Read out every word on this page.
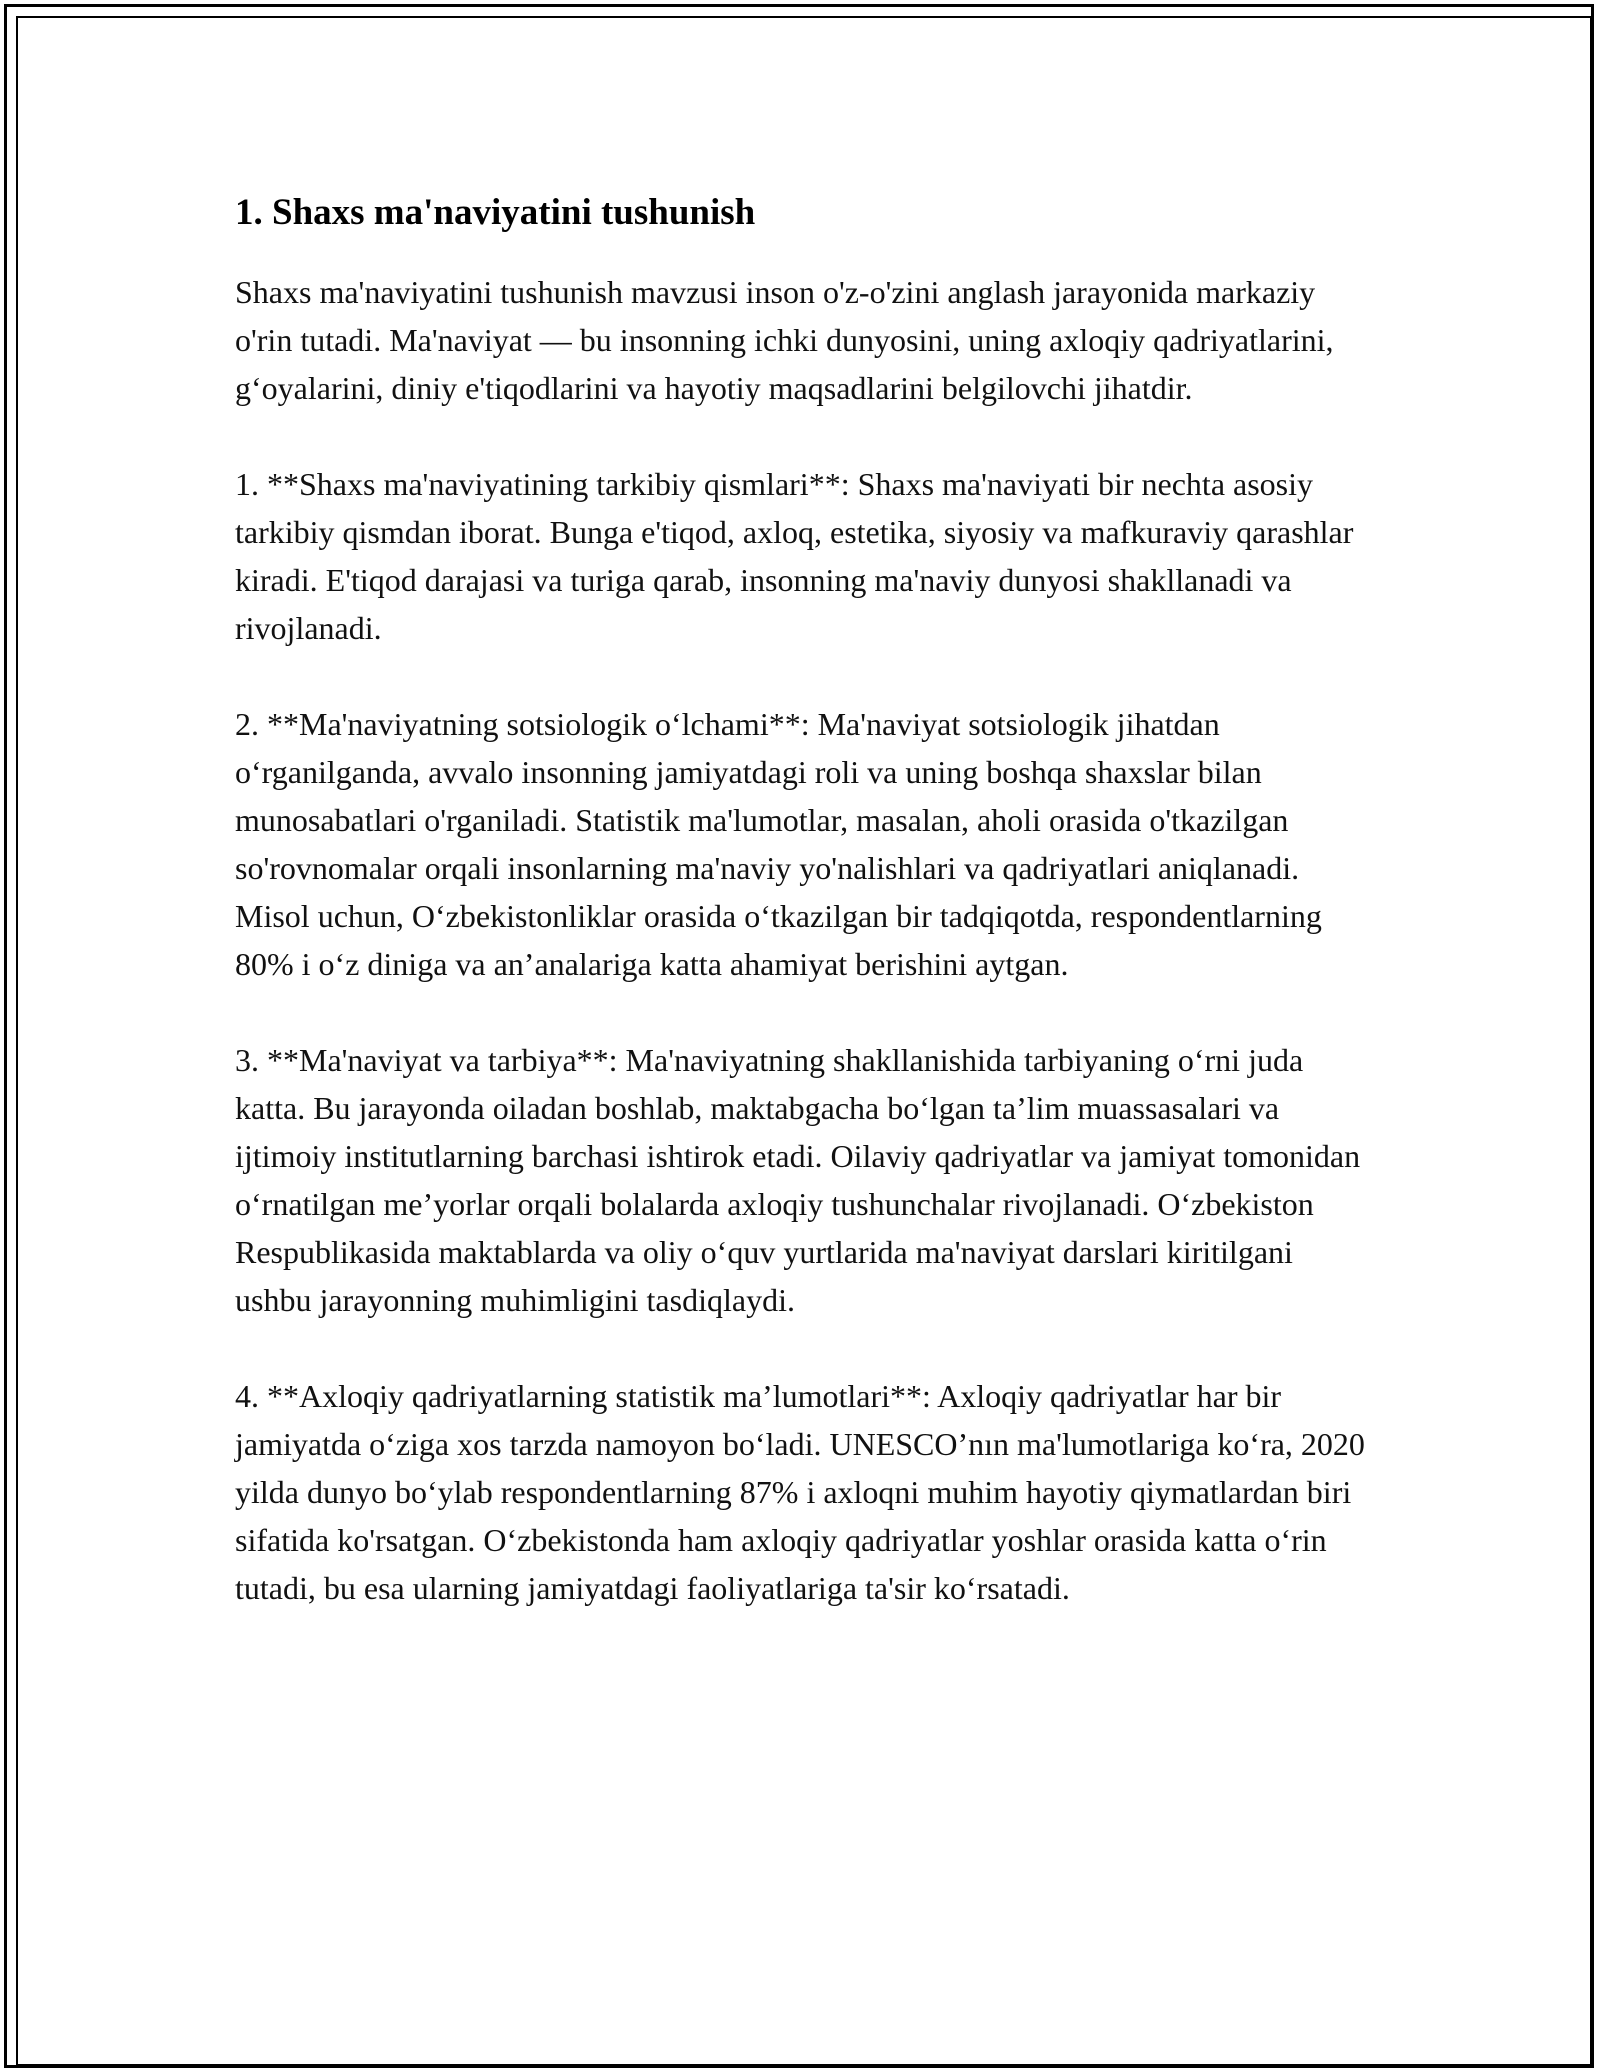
1. Shaxs ma'naviyatini tushunish

Shaxs ma'naviyatini tushunish mavzusi inson o'z-o'zini anglash jarayonida markaziy o'rin tutadi. Ma'naviyat — bu insonning ichki dunyosini, uning axloqiy qadriyatlarini, gʻoyalarini, diniy e'tiqodlarini va hayotiy maqsadlarini belgilovchi jihatdir.

1. **Shaxs ma'naviyatining tarkibiy qismlari**: Shaxs ma'naviyati bir nechta asosiy tarkibiy qismdan iborat. Bunga e'tiqod, axloq, estetika, siyosiy va mafkuraviy qarashlar kiradi. E'tiqod darajasi va turiga qarab, insonning ma'naviy dunyosi shakllanadi va rivojlanadi.

2. **Ma'naviyatning sotsiologik oʻlchami**: Ma'naviyat sotsiologik jihatdan oʻrganilganda, avvalo insonning jamiyatdagi roli va uning boshqa shaxslar bilan munosabatlari o'rganiladi. Statistik ma'lumotlar, masalan, aholi orasida o'tkazilgan so'rovnomalar orqali insonlarning ma'naviy yo'nalishlari va qadriyatlari aniqlanadi. Misol uchun, Oʻzbekistonliklar orasida oʻtkazilgan bir tadqiqotda, respondentlarning 80% i oʻz diniga va an’analariga katta ahamiyat berishini aytgan.

3. **Ma'naviyat va tarbiya**: Ma'naviyatning shakllanishida tarbiyaning oʻrni juda katta. Bu jarayonda oiladan boshlab, maktabgacha boʻlgan ta’lim muassasalari va ijtimoiy institutlarning barchasi ishtirok etadi. Oilaviy qadriyatlar va jamiyat tomonidan oʻrnatilgan me’yorlar orqali bolalarda axloqiy tushunchalar rivojlanadi. Oʻzbekiston Respublikasida maktablarda va oliy oʻquv yurtlarida ma'naviyat darslari kiritilgani ushbu jarayonning muhimligini tasdiqlaydi.

4. **Axloqiy qadriyatlarning statistik ma’lumotlari**: Axloqiy qadriyatlar har bir jamiyatda oʻziga xos tarzda namoyon boʻladi. UNESCO’nın ma'lumotlariga koʻra, 2020 yilda dunyo boʻylab respondentlarning 87% i axloqni muhim hayotiy qiymatlardan biri sifatida ko'rsatgan. Oʻzbekistonda ham axloqiy qadriyatlar yoshlar orasida katta oʻrin tutadi, bu esa ularning jamiyatdagi faoliyatlariga ta'sir koʻrsatadi.
